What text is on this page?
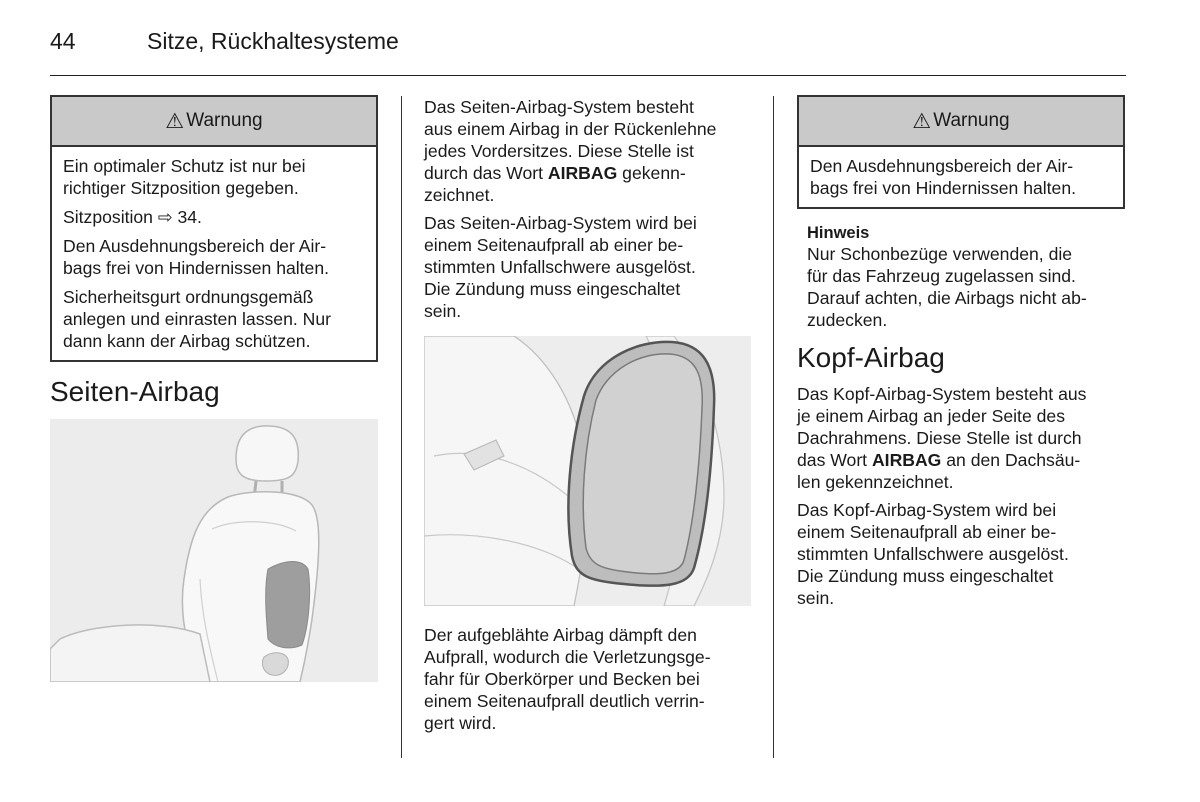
44	Sitze, Rückhaltesysteme
⚠ Warnung

Ein optimaler Schutz ist nur bei
richtiger Sitzposition gegeben.

Sitzposition ⇨ 34.

Den Ausdehnungsbereich der Air-
bags frei von Hindernissen halten.

Sicherheitsgurt ordnungsgemäß
anlegen und einrasten lassen. Nur
dann kann der Airbag schützen.

Seiten-Airbag

Das Seiten-Airbag-System besteht
aus einem Airbag in der Rückenlehne
jedes Vordersitzes. Diese Stelle ist
durch das Wort AIRBAG gekenn-
zeichnet.

Das Seiten-Airbag-System wird bei
einem Seitenaufprall ab einer be-
stimmten Unfallschwere ausgelöst.
Die Zündung muss eingeschaltet
sein.

Der aufgeblähte Airbag dämpft den
Aufprall, wodurch die Verletzungsge-
fahr für Oberkörper und Becken bei
einem Seitenaufprall deutlich verrin-
gert wird.

⚠ Warnung

Den Ausdehnungsbereich der Air-
bags frei von Hindernissen halten.

Hinweis
Nur Schonbezüge verwenden, die
für das Fahrzeug zugelassen sind.
Darauf achten, die Airbags nicht ab-
zudecken.
Kopf-Airbag

Das Kopf-Airbag-System besteht aus
je einem Airbag an jeder Seite des
Dachrahmens. Diese Stelle ist durch
das Wort AIRBAG an den Dachsäu-
len gekennzeichnet.

Das Kopf-Airbag-System wird bei
einem Seitenaufprall ab einer be-
stimmten Unfallschwere ausgelöst.
Die Zündung muss eingeschaltet
sein.
